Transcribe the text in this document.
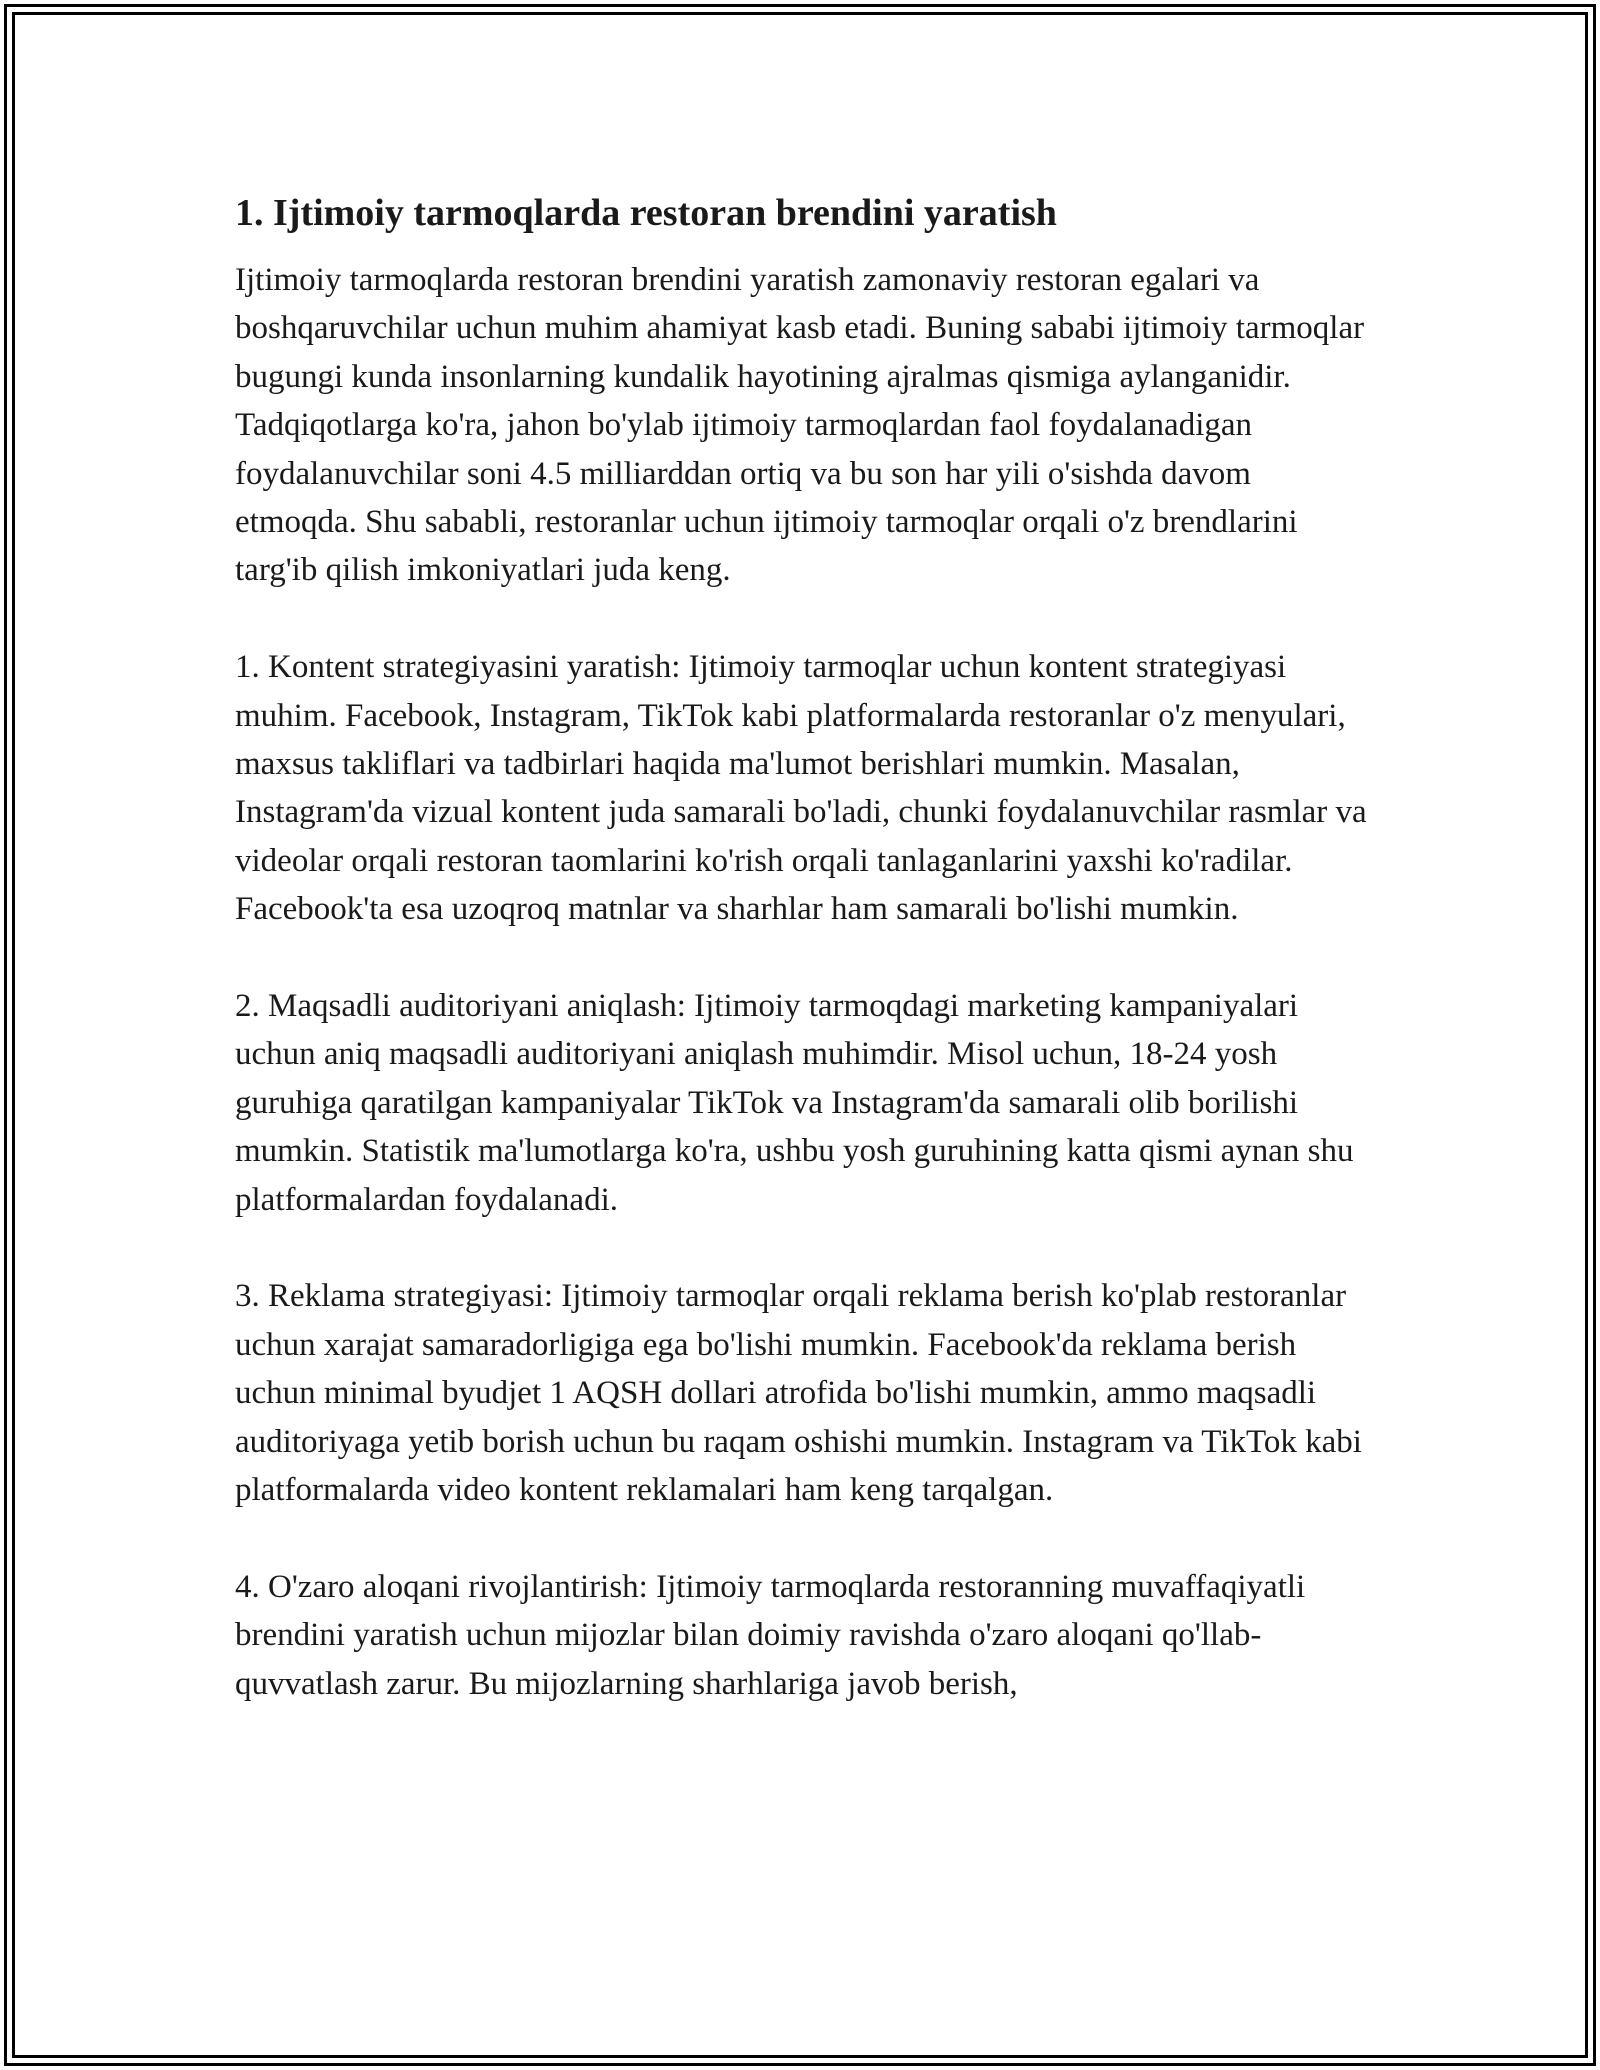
1. Ijtimoiy tarmoqlarda restoran brendini yaratish

Ijtimoiy tarmoqlarda restoran brendini yaratish zamonaviy restoran egalari va boshqaruvchilar uchun muhim ahamiyat kasb etadi. Buning sababi ijtimoiy tarmoqlar bugungi kunda insonlarning kundalik hayotining ajralmas qismiga aylanganidir. Tadqiqotlarga ko'ra, jahon bo'ylab ijtimoiy tarmoqlardan faol foydalanadigan foydalanuvchilar soni 4.5 milliarddan ortiq va bu son har yili o'sishda davom etmoqda. Shu sababli, restoranlar uchun ijtimoiy tarmoqlar orqali o'z brendlarini targ'ib qilish imkoniyatlari juda keng.

1. Kontent strategiyasini yaratish: Ijtimoiy tarmoqlar uchun kontent strategiyasi muhim. Facebook, Instagram, TikTok kabi platformalarda restoranlar o'z menyulari, maxsus takliflari va tadbirlari haqida ma'lumot berishlari mumkin. Masalan, Instagram'da vizual kontent juda samarali bo'ladi, chunki foydalanuvchilar rasmlar va videolar orqali restoran taomlarini ko'rish orqali tanlaganlarini yaxshi ko'radilar. Facebook'ta esa uzoqroq matnlar va sharhlar ham samarali bo'lishi mumkin.

2. Maqsadli auditoriyani aniqlash: Ijtimoiy tarmoqdagi marketing kampaniyalari uchun aniq maqsadli auditoriyani aniqlash muhimdir. Misol uchun, 18-24 yosh guruhiga qaratilgan kampaniyalar TikTok va Instagram'da samarali olib borilishi mumkin. Statistik ma'lumotlarga ko'ra, ushbu yosh guruhining katta qismi aynan shu platformalardan foydalanadi.

3. Reklama strategiyasi: Ijtimoiy tarmoqlar orqali reklama berish ko'plab restoranlar uchun xarajat samaradorligiga ega bo'lishi mumkin. Facebook'da reklama berish uchun minimal byudjet 1 AQSH dollari atrofida bo'lishi mumkin, ammo maqsadli auditoriyaga yetib borish uchun bu raqam oshishi mumkin. Instagram va TikTok kabi platformalarda video kontent reklamalari ham keng tarqalgan.

4. O'zaro aloqani rivojlantirish: Ijtimoiy tarmoqlarda restoranning muvaffaqiyatli brendini yaratish uchun mijozlar bilan doimiy ravishda o'zaro aloqani qo'llab-quvvatlash zarur. Bu mijozlarning sharhlariga javob berish,
